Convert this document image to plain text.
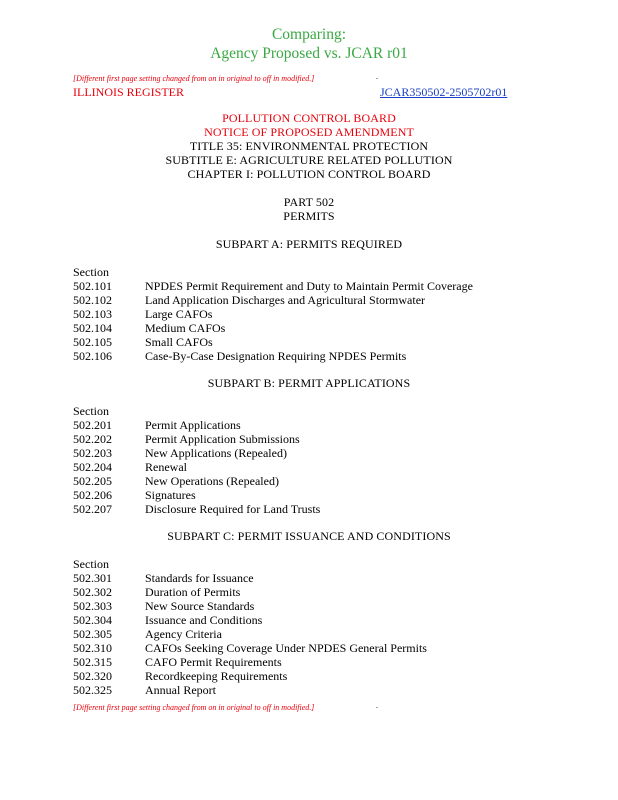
Comparing:
Agency Proposed vs. JCAR r01
[Different first page setting changed from on in original to off in modified.]	.
ILLINOIS REGISTER	JCAR350502-2505702r01
POLLUTION CONTROL BOARD
NOTICE OF PROPOSED AMENDMENT
TITLE 35: ENVIRONMENTAL PROTECTION
SUBTITLE E: AGRICULTURE RELATED POLLUTION
CHAPTER I: POLLUTION CONTROL BOARD
PART 502
PERMITS
SUBPART A: PERMITS REQUIRED
Section
502.101	NPDES Permit Requirement and Duty to Maintain Permit Coverage
502.102	Land Application Discharges and Agricultural Stormwater
502.103	Large CAFOs
502.104	Medium CAFOs
502.105	Small CAFOs
502.106	Case-By-Case Designation Requiring NPDES Permits
SUBPART B: PERMIT APPLICATIONS
Section
502.201	Permit Applications
502.202	Permit Application Submissions
502.203	New Applications (Repealed)
502.204	Renewal
502.205	New Operations (Repealed)
502.206	Signatures
502.207	Disclosure Required for Land Trusts
SUBPART C: PERMIT ISSUANCE AND CONDITIONS
Section
502.301	Standards for Issuance
502.302	Duration of Permits
502.303	New Source Standards
502.304	Issuance and Conditions
502.305	Agency Criteria
502.310	CAFOs Seeking Coverage Under NPDES General Permits
502.315	CAFO Permit Requirements
502.320	Recordkeeping Requirements
502.325	Annual Report
[Different first page setting changed from on in original to off in modified.]	.
